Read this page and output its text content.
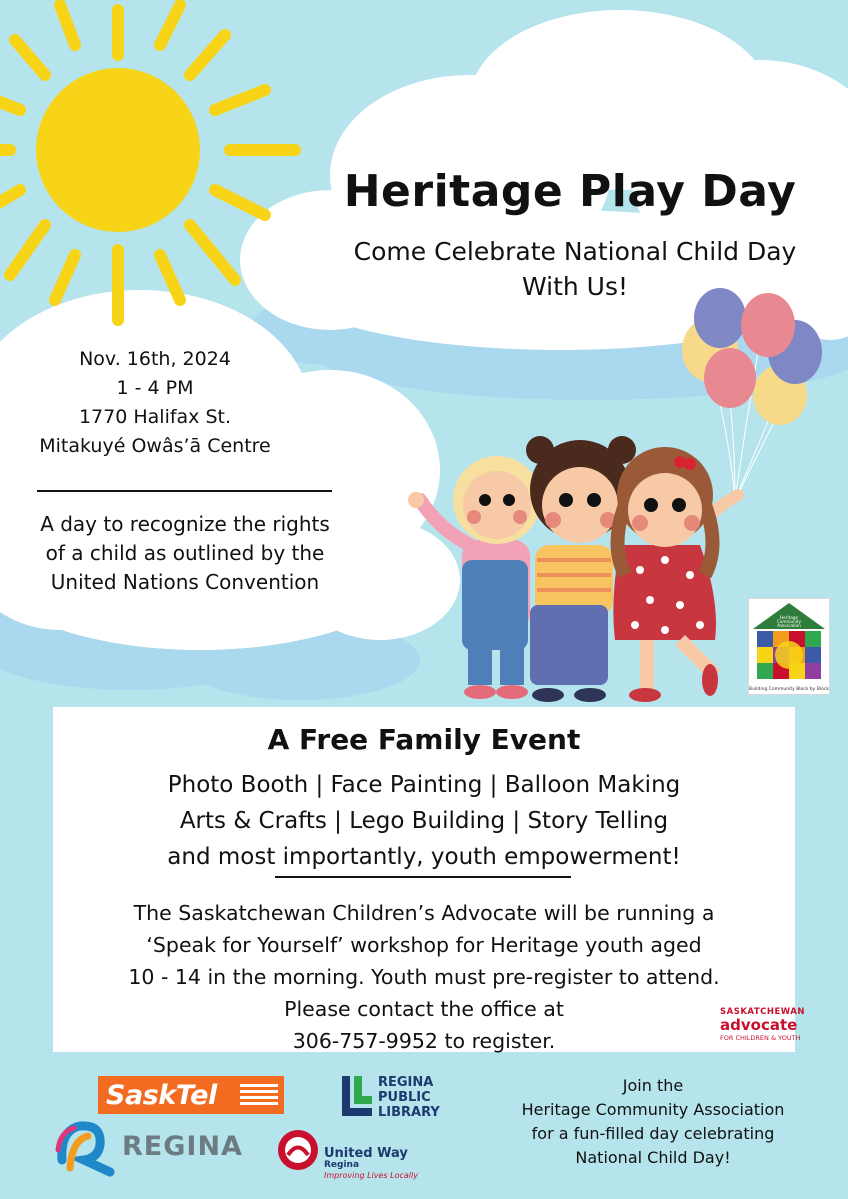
Heritage Play Day
Come Celebrate National Child Day
With Us!
Nov. 16th, 2024
1 - 4 PM
1770 Halifax St.
Mitakuyé Owâs’ā Centre
A day to recognize the rights
of a child as outlined by the
United Nations Convention
Heritage
Community
Association
Building Community Block by Block
A Free Family Event
Photo Booth | Face Painting | Balloon Making
Arts & Crafts | Lego Building | Story Telling
and most importantly, youth empowerment!
The Saskatchewan Children’s Advocate will be running a
‘Speak for Yourself’ workshop for Heritage youth aged
10 - 14 in the morning. Youth must pre-register to attend.
Please contact the office at
306-757-9952 to register.
SASKATCHEWAN
advocate
FOR CHILDREN & YOUTH
SaskTel
REGINA
REGINA
PUBLIC
LIBRARY
United Way
Regina
Improving Lives Locally
Join the
Heritage Community Association
for a fun-filled day celebrating
National Child Day!
